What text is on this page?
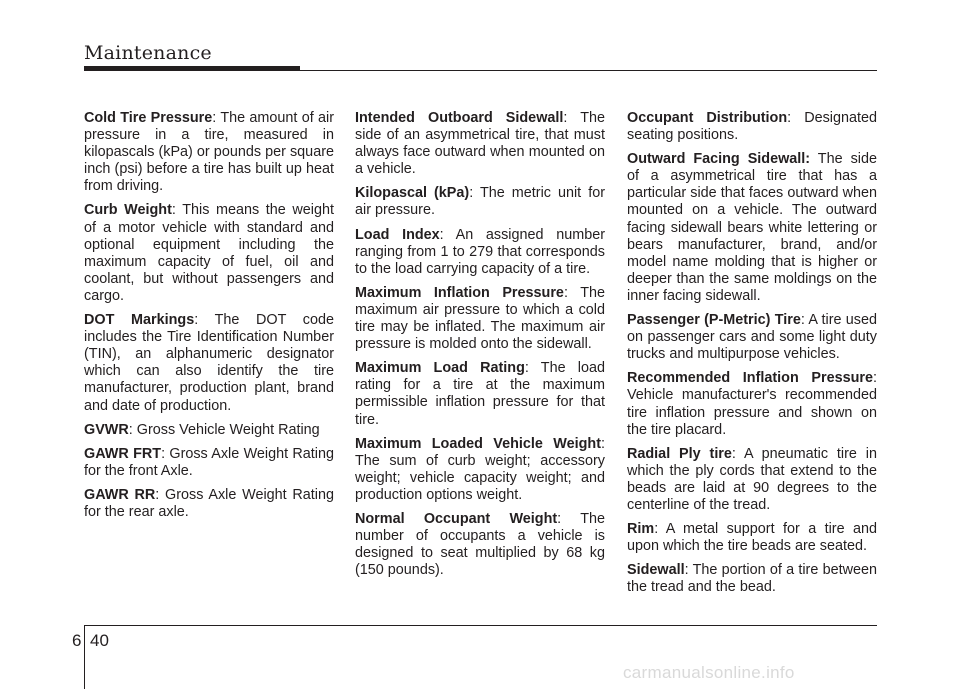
Maintenance

Cold Tire Pressure: The amount of air pressure in a tire, measured in kilopascals (kPa) or pounds per square inch (psi) before a tire has built up heat from driving.

Curb Weight: This means the weight of a motor vehicle with standard and optional equipment including the maximum capacity of fuel, oil and coolant, but without passengers and cargo.

DOT Markings: The DOT code includes the Tire Identification Number (TIN), an alphanumeric designator which can also identify the tire manufacturer, production plant, brand and date of production.

GVWR: Gross Vehicle Weight Rating

GAWR FRT: Gross Axle Weight Rating for the front Axle.

GAWR RR: Gross Axle Weight Rating for the rear axle.

Intended Outboard Sidewall: The side of an asymmetrical tire, that must always face outward when mounted on a vehicle.

Kilopascal (kPa): The metric unit for air pressure.

Load Index: An assigned number ranging from 1 to 279 that corresponds to the load carrying capacity of a tire.

Maximum Inflation Pressure: The maximum air pressure to which a cold tire may be inflated. The maximum air pressure is molded onto the sidewall.

Maximum Load Rating: The load rating for a tire at the maximum permissible inflation pressure for that tire.

Maximum Loaded Vehicle Weight: The sum of curb weight; accessory weight; vehicle capacity weight; and production options weight.

Normal Occupant Weight: The number of occupants a vehicle is designed to seat multiplied by 68 kg (150 pounds).

Occupant Distribution: Designated seating positions.

Outward Facing Sidewall: The side of a asymmetrical tire that has a particular side that faces outward when mounted on a vehicle. The outward facing sidewall bears white lettering or bears manufacturer, brand, and/or model name molding that is higher or deeper than the same moldings on the inner facing sidewall.

Passenger (P-Metric) Tire: A tire used on passenger cars and some light duty trucks and multipurpose vehicles.

Recommended Inflation Pressure: Vehicle manufacturer's recommended tire inflation pressure and shown on the tire placard.

Radial Ply tire: A pneumatic tire in which the ply cords that extend to the beads are laid at 90 degrees to the centerline of the tread.

Rim: A metal support for a tire and upon which the tire beads are seated.

Sidewall: The portion of a tire between the tread and the bead.

6 40
carmanualsonline.info
